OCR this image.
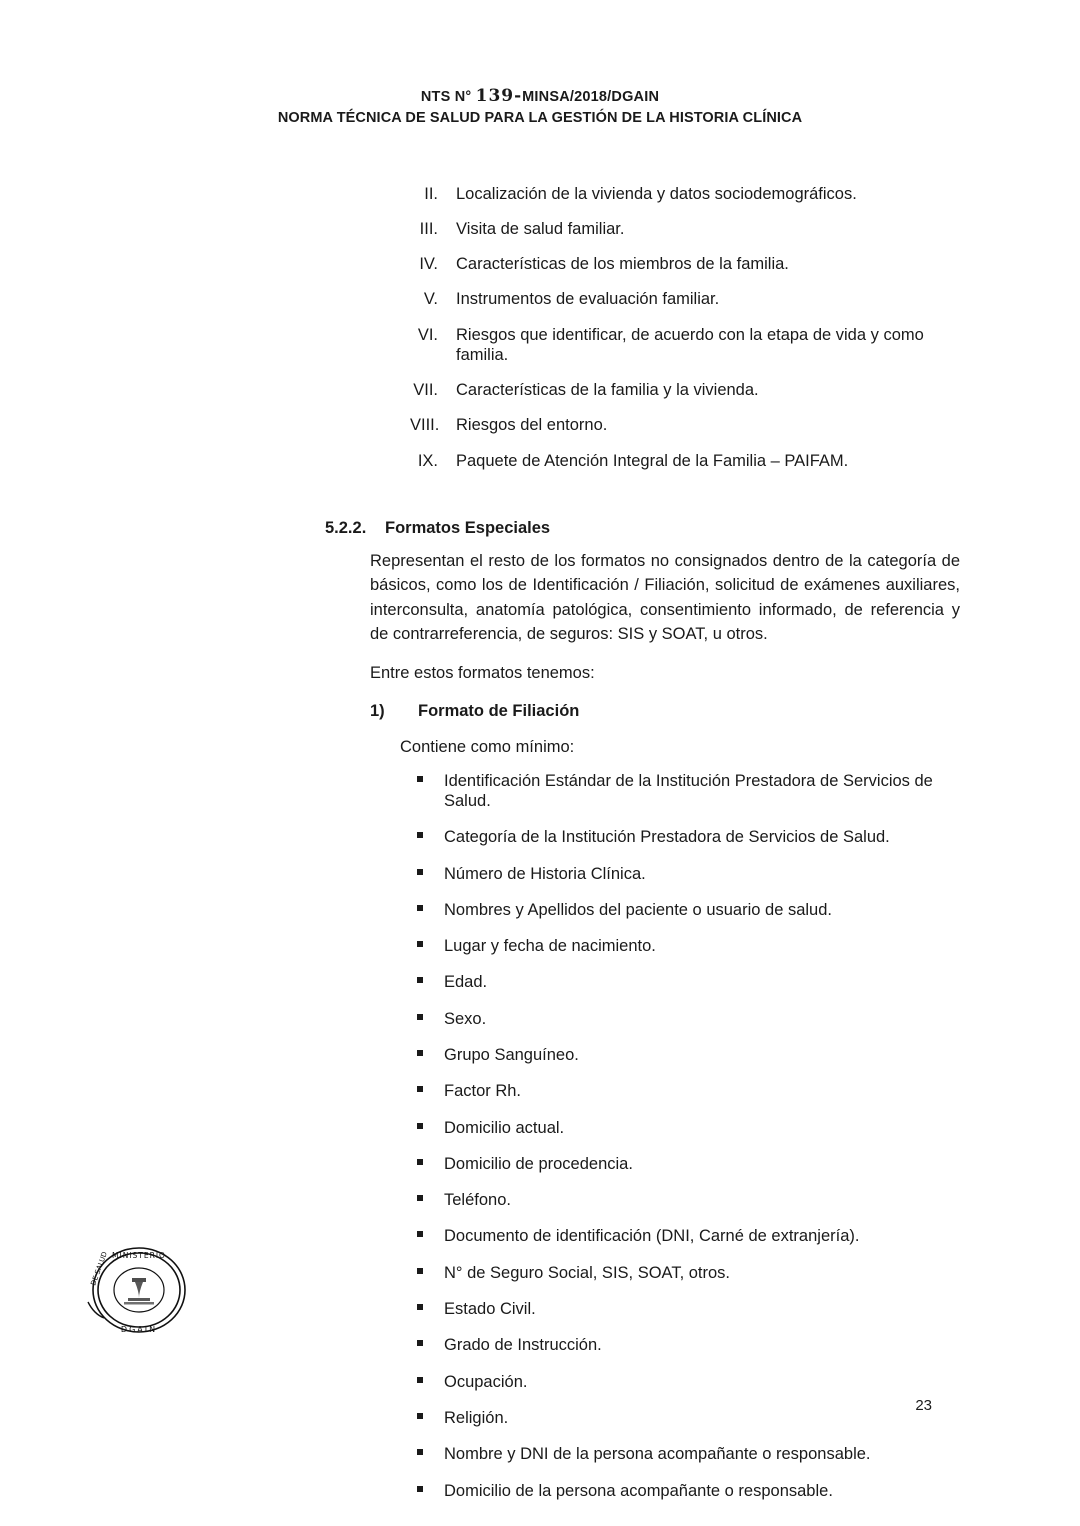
NTS N° 139-MINSA/2018/DGAIN
NORMA TÉCNICA DE SALUD PARA LA GESTIÓN DE LA HISTORIA CLÍNICA
II.	Localización de la vivienda y datos sociodemográficos.
III.	Visita de salud familiar.
IV.	Características de los miembros de la familia.
V.	Instrumentos de evaluación familiar.
VI.	Riesgos que identificar, de acuerdo con la etapa de vida y como familia.
VII.	Características de la familia y la vivienda.
VIII.	Riesgos del entorno.
IX.	Paquete de Atención Integral de la Familia – PAIFAM.
5.2.2.	Formatos Especiales
Representan el resto de los formatos no consignados dentro de la categoría de básicos, como los de Identificación / Filiación, solicitud de exámenes auxiliares, interconsulta, anatomía patológica, consentimiento informado, de referencia y de contrarreferencia, de seguros: SIS y SOAT, u otros.
Entre estos formatos tenemos:
1)	Formato de Filiación
Contiene como mínimo:
Identificación Estándar de la Institución Prestadora de Servicios de Salud.
Categoría de la Institución Prestadora de Servicios de Salud.
Número de Historia Clínica.
Nombres y Apellidos del paciente o usuario de salud.
Lugar y fecha de nacimiento.
Edad.
Sexo.
Grupo Sanguíneo.
Factor Rh.
Domicilio actual.
Domicilio de procedencia.
Teléfono.
Documento de identificación (DNI, Carné de extranjería).
N° de Seguro Social, SIS, SOAT, otros.
Estado Civil.
Grado de Instrucción.
Ocupación.
Religión.
Nombre y DNI de la persona acompañante o responsable.
Domicilio de la persona acompañante o responsable.
MINISTERIO
DGAIN
DE SALUD
23
